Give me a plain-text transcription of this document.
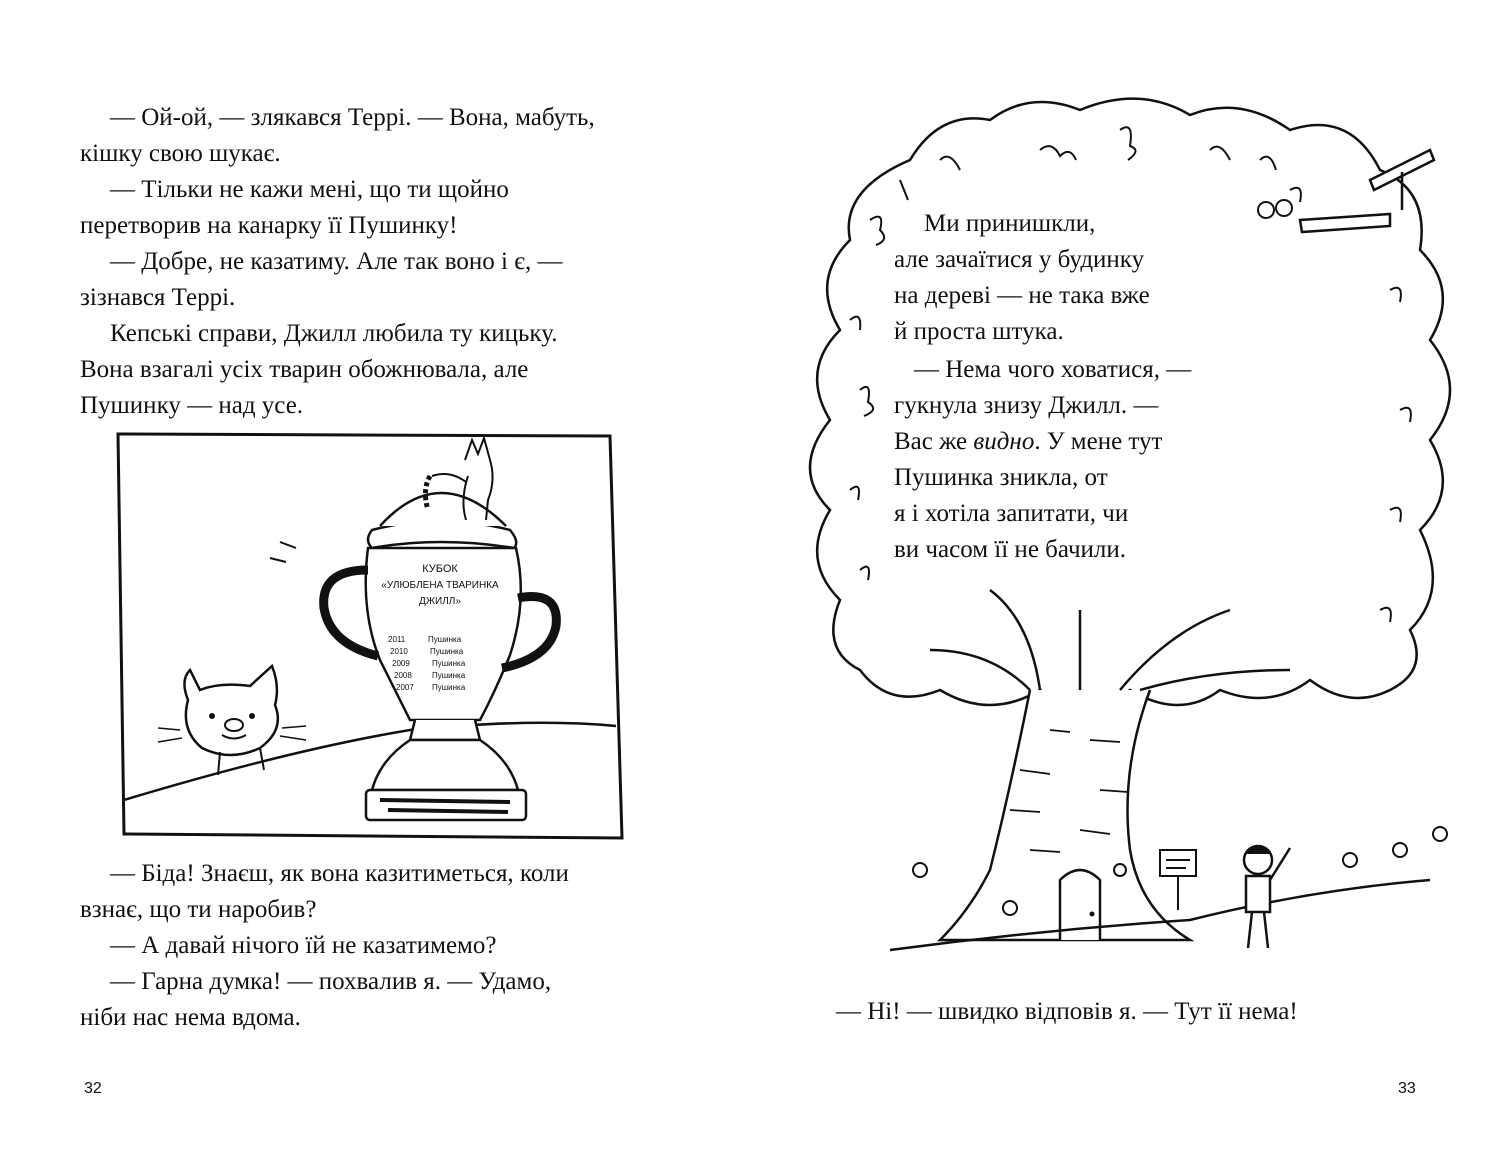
— Ой-ой, — злякався Террі. — Вона, мабуть,
кішку свою шукає.

— Тільки не кажи мені, що ти щойно
перетворив на канарку її Пушинку!

— Добре, не казатиму. Але так воно і є, —
зізнався Террі.

Кепські справи, Джилл любила ту кицьку.
Вона взагалі усіх тварин обожнювала, але
Пушинку — над усе.

КУБОК
«УЛЮБЛЕНА ТВАРИНКА
ДЖИЛЛ»
2011	Пушинка
2010	Пушинка
2009	Пушинка
2008	Пушинка
2007 Пушинка

— Біда! Знаєш, як вона казитиметься, коли
взнає, що ти наробив?

— А давай нічого їй не казатимемо?

— Гарна думка! — похвалив я. — Удамо,
ніби нас нема вдома.

32

Ми принишкли,
але зачаїтися у будинку
на дереві — не така вже
й проста штука.

— Нема чого ховатися, —
гукнула знизу Джилл. —
Вас же видно. У мене тут
Пушинка зникла, от
я і хотіла запитати, чи
ви часом її не бачили.

— Ні! — швидко відповів я. — Тут її нема!
33
